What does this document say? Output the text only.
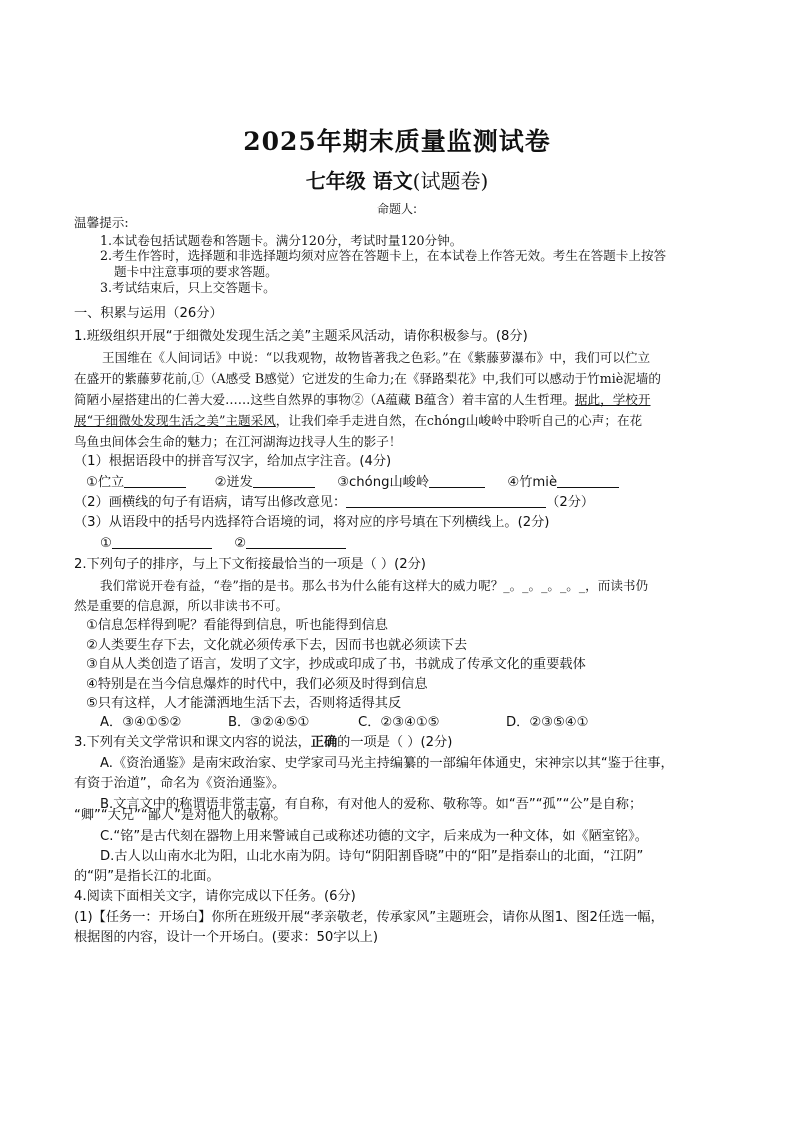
2025年期末质量监测试卷
七年级 语文(试题卷)
命题人:
温馨提示:
1.本试卷包括试题卷和答题卡。满分120分，考试时量120分钟。
2.考生作答时，选择题和非选择题均须对应答在答题卡上，在本试卷上作答无效。考生在答题卡上按答
题卡中注意事项的要求答题。
3.考试结束后，只上交答题卡。
一、积累与运用（26分）
1.班级组织开展“于细微处发现生活之美”主题采风活动，请你积极参与。(8分)
王国维在《人间词话》中说：“以我观物，故物皆著我之色彩。”在《紫藤萝瀑布》中，我们可以伫立
在盛开的紫藤萝花前,①（A感受 B感觉）它迸发的生命力;在《驿路梨花》中,我们可以感动于竹miè泥墙的
简陋小屋搭建出的仁善大爱……这些自然界的事物②（A蕴藏 B蕴含）着丰富的人生哲理。据此，学校开
展“于细微处发现生活之美”主题采风，让我们牵手走进自然，在chóng山峻岭中聆听自己的心声；在花
鸟鱼虫间体会生命的魅力；在江河湖海边找寻人生的影子！
（1）根据语段中的拼音写汉字，给加点字注音。(4分)
①伫立	②迸发	③chóng山峻岭	④竹miè
（2）画横线的句子有语病，请写出修改意见：	（2分）
（3）从语段中的括号内选择符合语境的词，将对应的序号填在下列横线上。(2分)
①	②
2.下列句子的排序，与上下文衔接最恰当的一项是（ ）(2分)
我们常说开卷有益，“卷”指的是书。那么书为什么能有这样大的威力呢？_。_。_。_。_，而读书仍
然是重要的信息源，所以非读书不可。
①信息怎样得到呢？看能得到信息，听也能得到信息
②人类要生存下去，文化就必须传承下去，因而书也就必须读下去
③自从人类创造了语言，发明了文字，抄成或印成了书，书就成了传承文化的重要载体
④特别是在当今信息爆炸的时代中，我们必须及时得到信息
⑤只有这样，人才能潇洒地生活下去，否则将适得其反
A．③④①⑤②	B．③②④⑤①	C．②③④①⑤	D．②③⑤④①
3.下列有关文学常识和课文内容的说法，正确的一项是（ ）(2分)
A.《资治通鉴》是南宋政治家、史学家司马光主持编纂的一部编年体通史，宋神宗以其“鉴于往事，
有资于治道”，命名为《资治通鉴》。
B.文言文中的称谓语非常丰富，有自称，有对他人的爱称、敬称等。如“吾”“孤”“公”是自称；
“卿”“大兄”“鄙人”是对他人的敬称。
C.“铭”是古代刻在器物上用来警诫自己或称述功德的文字，后来成为一种文体，如《陋室铭》。
D.古人以山南水北为阳，山北水南为阴。诗句“阴阳割昏晓”中的“阳”是指泰山的北面，“江阴”
的“阴”是指长江的北面。
4.阅读下面相关文字，请你完成以下任务。(6分)
(1)【任务一：开场白】你所在班级开展“孝亲敬老，传承家风”主题班会，请你从图1、图2任选一幅，
根据图的内容，设计一个开场白。(要求：50字以上)
